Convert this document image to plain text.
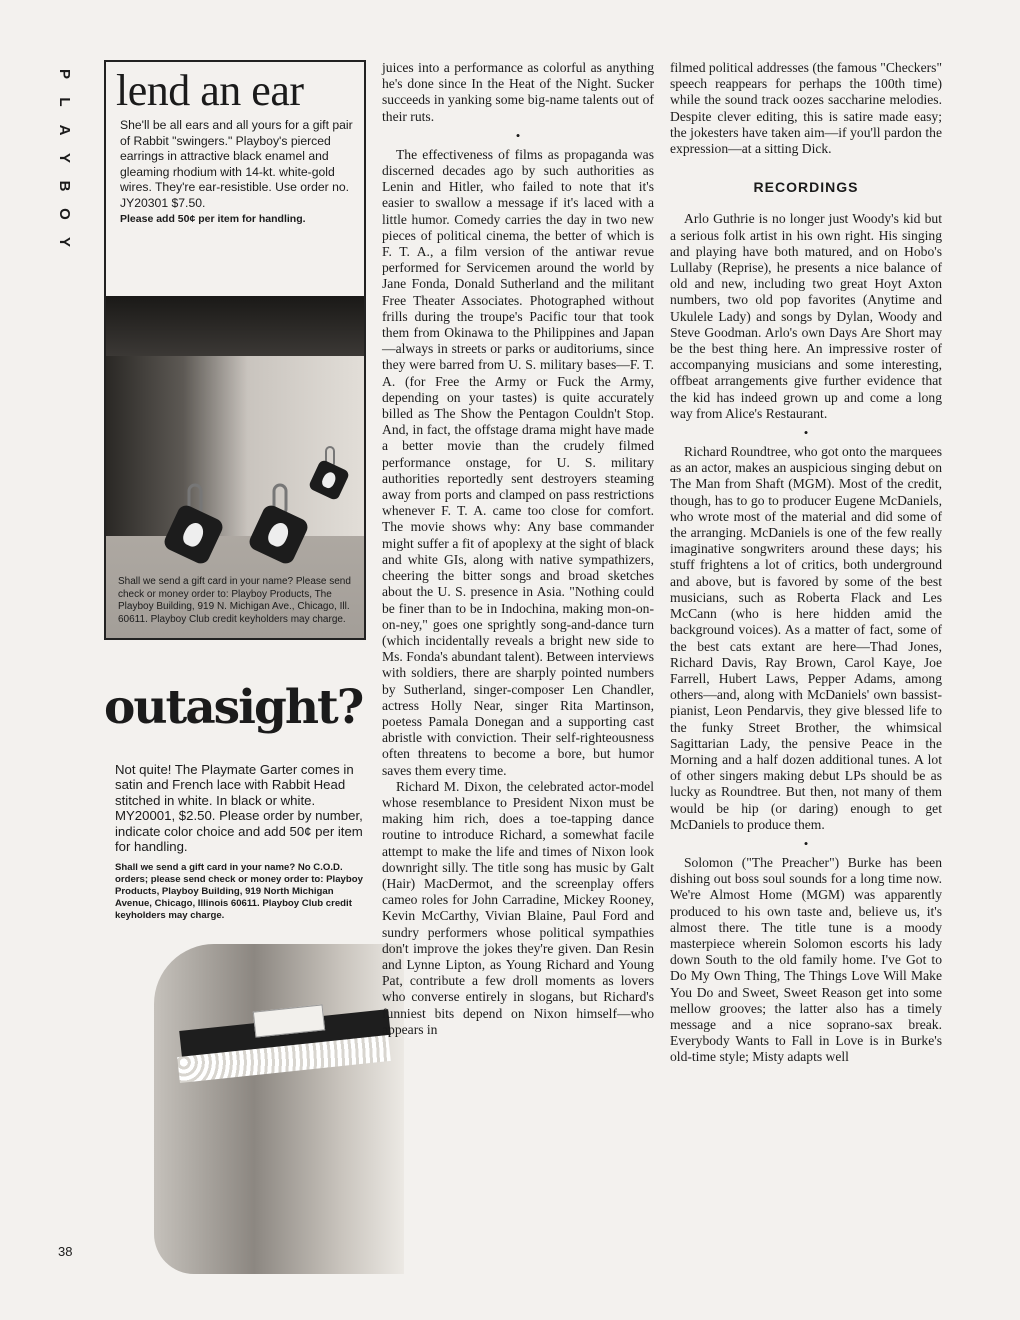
P
L
A
Y
B
O
Y
lend an ear
She'll be all ears and all yours for a gift pair of Rabbit "swingers." Playboy's pierced earrings in attractive black enamel and gleaming rhodium with 14-kt. white-gold wires. They're ear-resistible. Use order no. JY20301 $7.50.
Please add 50¢ per item for handling.
Shall we send a gift card in your name? Please send check or money order to: Playboy Products, The Playboy Building, 919 N. Michigan Ave., Chicago, Ill. 60611. Playboy Club credit keyholders may charge.
outasight?
Not quite! The Playmate Garter comes in satin and French lace with Rabbit Head stitched in white. In black or white. MY20001, $2.50. Please order by number, indicate color choice and add 50¢ per item for handling.
Shall we send a gift card in your name? No C.O.D. orders; please send check or money order to: Playboy Products, Playboy Building, 919 North Michigan Avenue, Chicago, Illinois 60611. Playboy Club credit keyholders may charge.
38

juices into a performance as colorful as anything he's done since In the Heat of the Night. Sucker succeeds in yanking some big-name talents out of their ruts.

•

The effectiveness of films as propaganda was discerned decades ago by such authorities as Lenin and Hitler, who failed to note that it's easier to swallow a message if it's laced with a little humor. Comedy carries the day in two new pieces of political cinema, the better of which is F. T. A., a film version of the antiwar revue performed for Servicemen around the world by Jane Fonda, Donald Sutherland and the militant Free Theater Associates. Photographed without frills during the troupe's Pacific tour that took them from Okinawa to the Philippines and Japan—always in streets or parks or auditoriums, since they were barred from U. S. military bases—F. T. A. (for Free the Army or Fuck the Army, depending on your tastes) is quite accurately billed as The Show the Pentagon Couldn't Stop. And, in fact, the offstage drama might have made a better movie than the crudely filmed performance onstage, for U. S. military authorities reportedly sent destroyers steaming away from ports and clamped on pass restrictions whenever F. T. A. came too close for comfort. The movie shows why: Any base commander might suffer a fit of apoplexy at the sight of black and white GIs, along with native sympathizers, cheering the bitter songs and broad sketches about the U. S. presence in Asia. "Nothing could be finer than to be in Indochina, making mon-on-on-ney," goes one sprightly song-and-dance turn (which incidentally reveals a bright new side to Ms. Fonda's abundant talent). Between interviews with soldiers, there are sharply pointed numbers by Sutherland, singer-composer Len Chandler, actress Holly Near, singer Rita Martinson, poetess Pamala Donegan and a supporting cast abristle with conviction. Their self-righteousness often threatens to become a bore, but humor saves them every time.

Richard M. Dixon, the celebrated actor-model whose resemblance to President Nixon must be making him rich, does a toe-tapping dance routine to introduce Richard, a somewhat facile attempt to make the life and times of Nixon look downright silly. The title song has music by Galt (Hair) MacDermot, and the screenplay offers cameo roles for John Carradine, Mickey Rooney, Kevin McCarthy, Vivian Blaine, Paul Ford and sundry performers whose political sympathies don't improve the jokes they're given. Dan Resin and Lynne Lipton, as Young Richard and Young Pat, contribute a few droll moments as lovers who converse entirely in slogans, but Richard's funniest bits depend on Nixon himself—who appears in

filmed political addresses (the famous "Checkers" speech reappears for perhaps the 100th time) while the sound track oozes saccharine melodies. Despite clever editing, this is satire made easy; the jokesters have taken aim—if you'll pardon the expression—at a sitting Dick.

RECORDINGS

Arlo Guthrie is no longer just Woody's kid but a serious folk artist in his own right. His singing and playing have both matured, and on Hobo's Lullaby (Reprise), he presents a nice balance of old and new, including two great Hoyt Axton numbers, two old pop favorites (Anytime and Ukulele Lady) and songs by Dylan, Woody and Steve Goodman. Arlo's own Days Are Short may be the best thing here. An impressive roster of accompanying musicians and some interesting, offbeat arrangements give further evidence that the kid has indeed grown up and come a long way from Alice's Restaurant.

•

Richard Roundtree, who got onto the marquees as an actor, makes an auspicious singing debut on The Man from Shaft (MGM). Most of the credit, though, has to go to producer Eugene McDaniels, who wrote most of the material and did some of the arranging. McDaniels is one of the few really imaginative songwriters around these days; his stuff frightens a lot of critics, both underground and above, but is favored by some of the best musicians, such as Roberta Flack and Les McCann (who is here hidden amid the background voices). As a matter of fact, some of the best cats extant are here—Thad Jones, Richard Davis, Ray Brown, Carol Kaye, Joe Farrell, Hubert Laws, Pepper Adams, among others—and, along with McDaniels' own bassist-pianist, Leon Pendarvis, they give blessed life to the funky Street Brother, the whimsical Sagittarian Lady, the pensive Peace in the Morning and a half dozen additional tunes. A lot of other singers making debut LPs should be as lucky as Roundtree. But then, not many of them would be hip (or daring) enough to get McDaniels to produce them.

•

Solomon ("The Preacher") Burke has been dishing out boss soul sounds for a long time now. We're Almost Home (MGM) was apparently produced to his own taste and, believe us, it's almost there. The title tune is a moody masterpiece wherein Solomon escorts his lady down South to the old family home. I've Got to Do My Own Thing, The Things Love Will Make You Do and Sweet, Sweet Reason get into some mellow grooves; the latter also has a timely message and a nice soprano-sax break. Everybody Wants to Fall in Love is in Burke's old-time style; Misty adapts well
